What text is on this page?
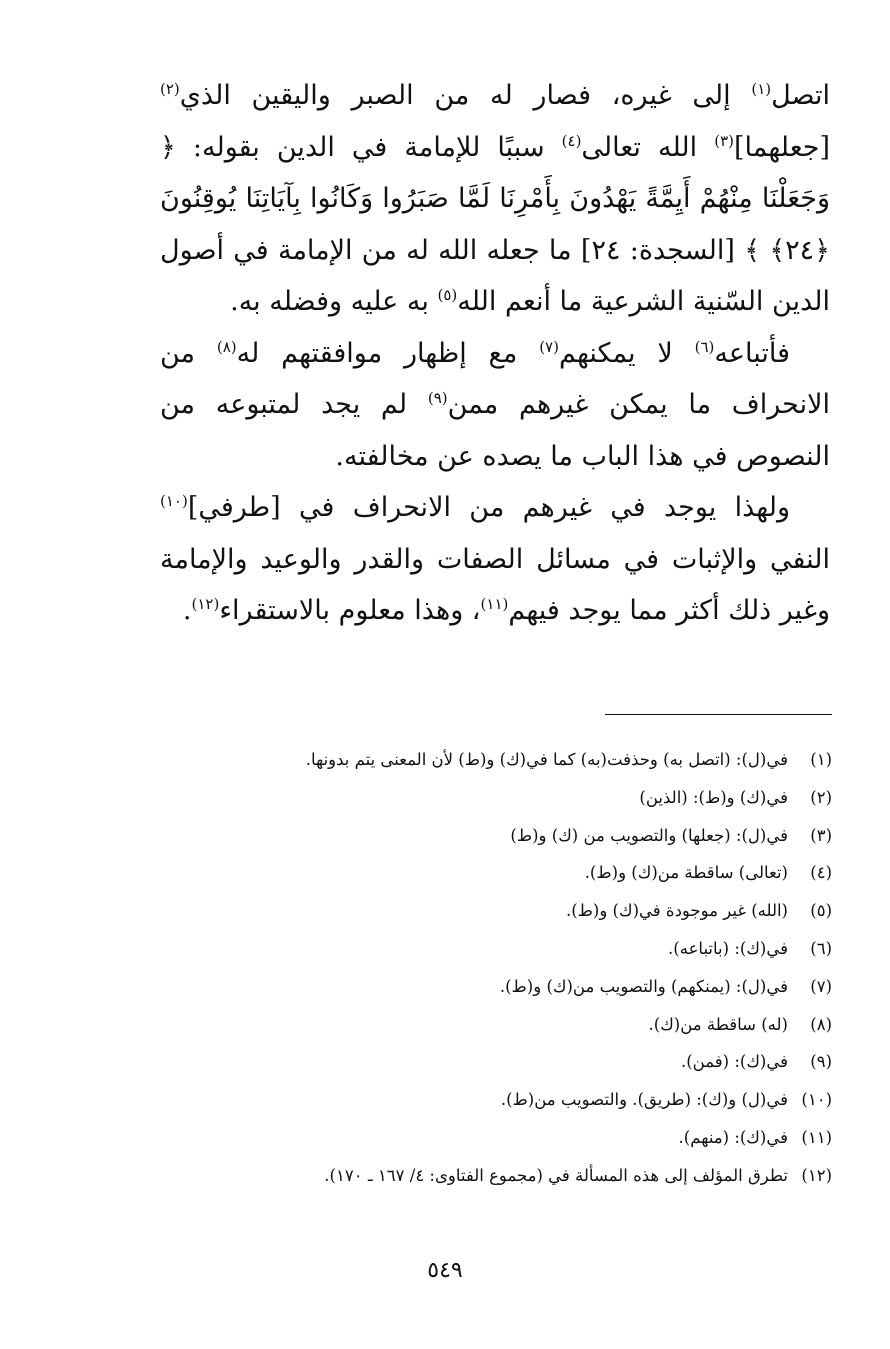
اتصل$^{(١)}$ إلى غيره، فصار له من الصبر واليقين الذي$^{(٢)}$ [جعلهما]$^{(٣)}$ الله تعالى$^{(٤)}$ سببًا للإمامة في الدين بقوله: ﴿ وَجَعَلْنَا مِنْهُمْ أَيِمَّةً يَهْدُونَ بِأَمْرِنَا لَمَّا صَبَرُوا وَكَانُوا بِآيَاتِنَا يُوقِنُونَ ﴿٢٤﴾ ﴾ [السجدة: ٢٤] ما جعله الله له من الإمامة في أصول الدين السّنية الشرعية ما أنعم الله$^{(٥)}$ به عليه وفضله به.

فأتباعه$^{(٦)}$ لا يمكنهم$^{(٧)}$ مع إظهار موافقتهم له$^{(٨)}$ من الانحراف ما يمكن غيرهم ممن$^{(٩)}$ لم يجد لمتبوعه من النصوص في هذا الباب ما يصده عن مخالفته.

ولهذا يوجد في غيرهم من الانحراف في [طرفي]$^{(١٠)}$ النفي والإثبات في مسائل الصفات والقدر والوعيد والإمامة وغير ذلك أكثر مما يوجد فيهم$^{(١١)}$، وهذا معلوم بالاستقراء$^{(١٢)}$.

(١)
في(ل): (اتصل به) وحذفت(به) كما في(ك) و(ط) لأن المعنى يتم بدونها.
(٢)
في(ك) و(ط): (الذين)
(٣)
في(ل): (جعلها) والتصويب من (ك) و(ط)
(٤)
(تعالى) ساقطة من(ك) و(ط).
(٥)
(الله) غير موجودة في(ك) و(ط).
(٦)
في(ك): (باتباعه).
(٧)
في(ل): (يمنكهم) والتصويب من(ك) و(ط).
(٨)
(له) ساقطة من(ك).
(٩)
في(ك): (فمن).
(١٠)
في(ل) و(ك): (طريق). والتصويب من(ط).
(١١)
في(ك): (منهم).
(١٢)
تطرق المؤلف إلى هذه المسألة في (مجموع الفتاوى: ٤/ ١٦٧ ـ ١٧٠).
٥٤٩
